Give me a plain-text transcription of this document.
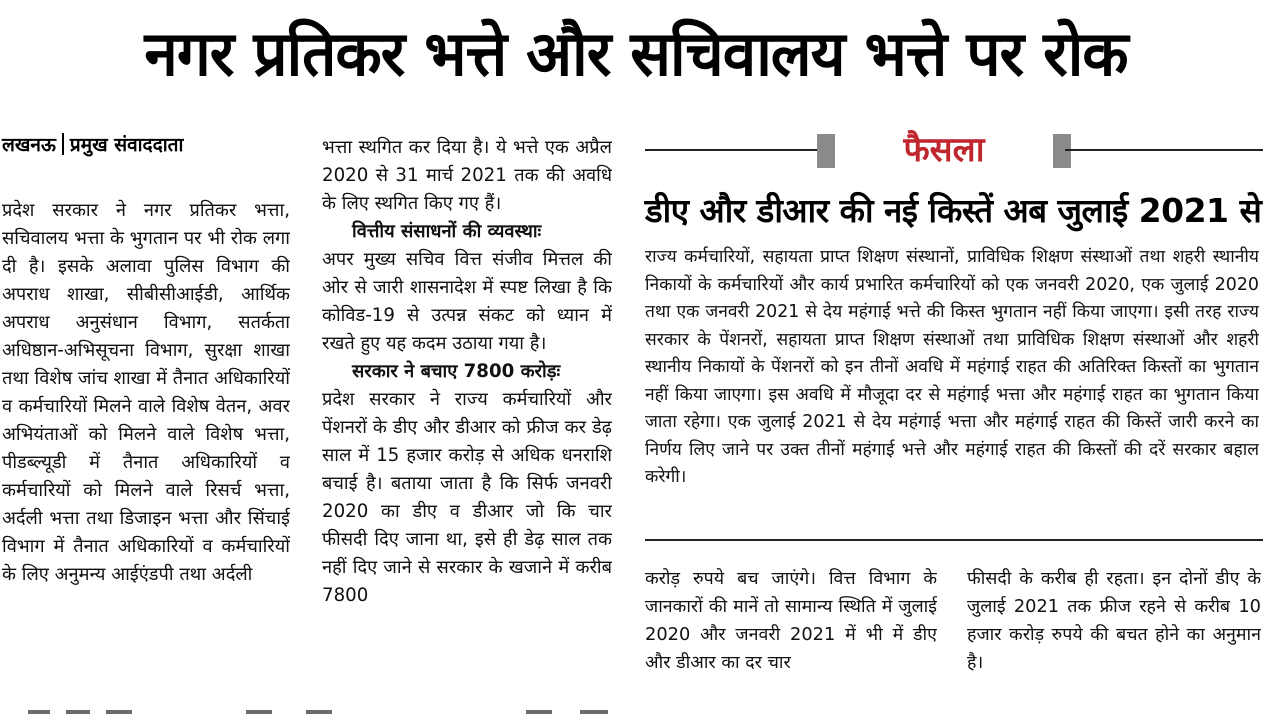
नगर प्रतिकर भत्ते और सचिवालय भत्ते पर रोक
लखनऊ प्रमुख संवाददाता

प्रदेश सरकार ने नगर प्रतिकर भत्ता, सचिवालय भत्ता के भुगतान पर भी रोक लगा दी है। इसके अलावा पुलिस विभाग की अपराध शाखा, सीबीसीआईडी, आर्थिक अपराध अनुसंधान विभाग, सतर्कता अधिष्ठान-अभिसूचना विभाग, सुरक्षा शाखा तथा विशेष जांच शाखा में तैनात अधिकारियों व कर्मचारियों मिलने वाले विशेष वेतन, अवर अभियंताओं को मिलने वाले विशेष भत्ता, पीडब्ल्यूडी में तैनात अधिकारियों व कर्मचारियों को मिलने वाले रिसर्च भत्ता, अर्दली भत्ता तथा डिजाइन भत्ता और सिंचाई विभाग में तैनात अधिकारियों व कर्मचारियों के लिए अनुमन्य आईएंडपी तथा अर्दली

भत्ता स्थगित कर दिया है। ये भत्ते एक अप्रैल 2020 से 31 मार्च 2021 तक की अवधि के लिए स्थगित किए गए हैं।

वित्तीय संसाधनों की व्यवस्थाः

अपर मुख्य सचिव वित्त संजीव मित्तल की ओर से जारी शासनादेश में स्पष्ट लिखा है कि कोविड-19 से उत्पन्न संकट को ध्यान में रखते हुए यह कदम उठाया गया है।

सरकार ने बचाए 7800 करोड़ः

प्रदेश सरकार ने राज्य कर्मचारियों और पेंशनरों के डीए और डीआर को फ्रीज कर डेढ़ साल में 15 हजार करोड़ से अधिक धनराशि बचाई है। बताया जाता है कि सिर्फ जनवरी 2020 का डीए व डीआर जो कि चार फीसदी दिए जाना था, इसे ही डेढ़ साल तक नहीं दिए जाने से सरकार के खजाने में करीब 7800

फैसला
डीए और डीआर की नई किस्तें अब जुलाई 2021 से
राज्य कर्मचारियों, सहायता प्राप्त शिक्षण संस्थानों, प्राविधिक शिक्षण संस्थाओं तथा शहरी स्थानीय निकायों के कर्मचारियों और कार्य प्रभारित कर्मचारियों को एक जनवरी 2020, एक जुलाई 2020 तथा एक जनवरी 2021 से देय महंगाई भत्ते की किस्त भुगतान नहीं किया जाएगा। इसी तरह राज्य सरकार के पेंशनरों, सहायता प्राप्त शिक्षण संस्थाओं तथा प्राविधिक शिक्षण संस्थाओं और शहरी स्थानीय निकायों के पेंशनरों को इन तीनों अवधि में महंगाई राहत की अतिरिक्त किस्तों का भुगतान नहीं किया जाएगा। इस अवधि में मौजूदा दर से महंगाई भत्ता और महंगाई राहत का भुगतान किया जाता रहेगा। एक जुलाई 2021 से देय महंगाई भत्ता और महंगाई राहत की किस्तें जारी करने का निर्णय लिए जाने पर उक्त तीनों महंगाई भत्ते और महंगाई राहत की किस्तों की दरें सरकार बहाल करेगी।

करोड़ रुपये बच जाएंगे। वित्त विभाग के जानकारों की मानें तो सामान्य स्थिति में जुलाई 2020 और जनवरी 2021 में भी में डीए और डीआर का दर चार

फीसदी के करीब ही रहता। इन दोनों डीए के जुलाई 2021 तक फ्रीज रहने से करीब 10 हजार करोड़ रुपये की बचत होने का अनुमान है।
